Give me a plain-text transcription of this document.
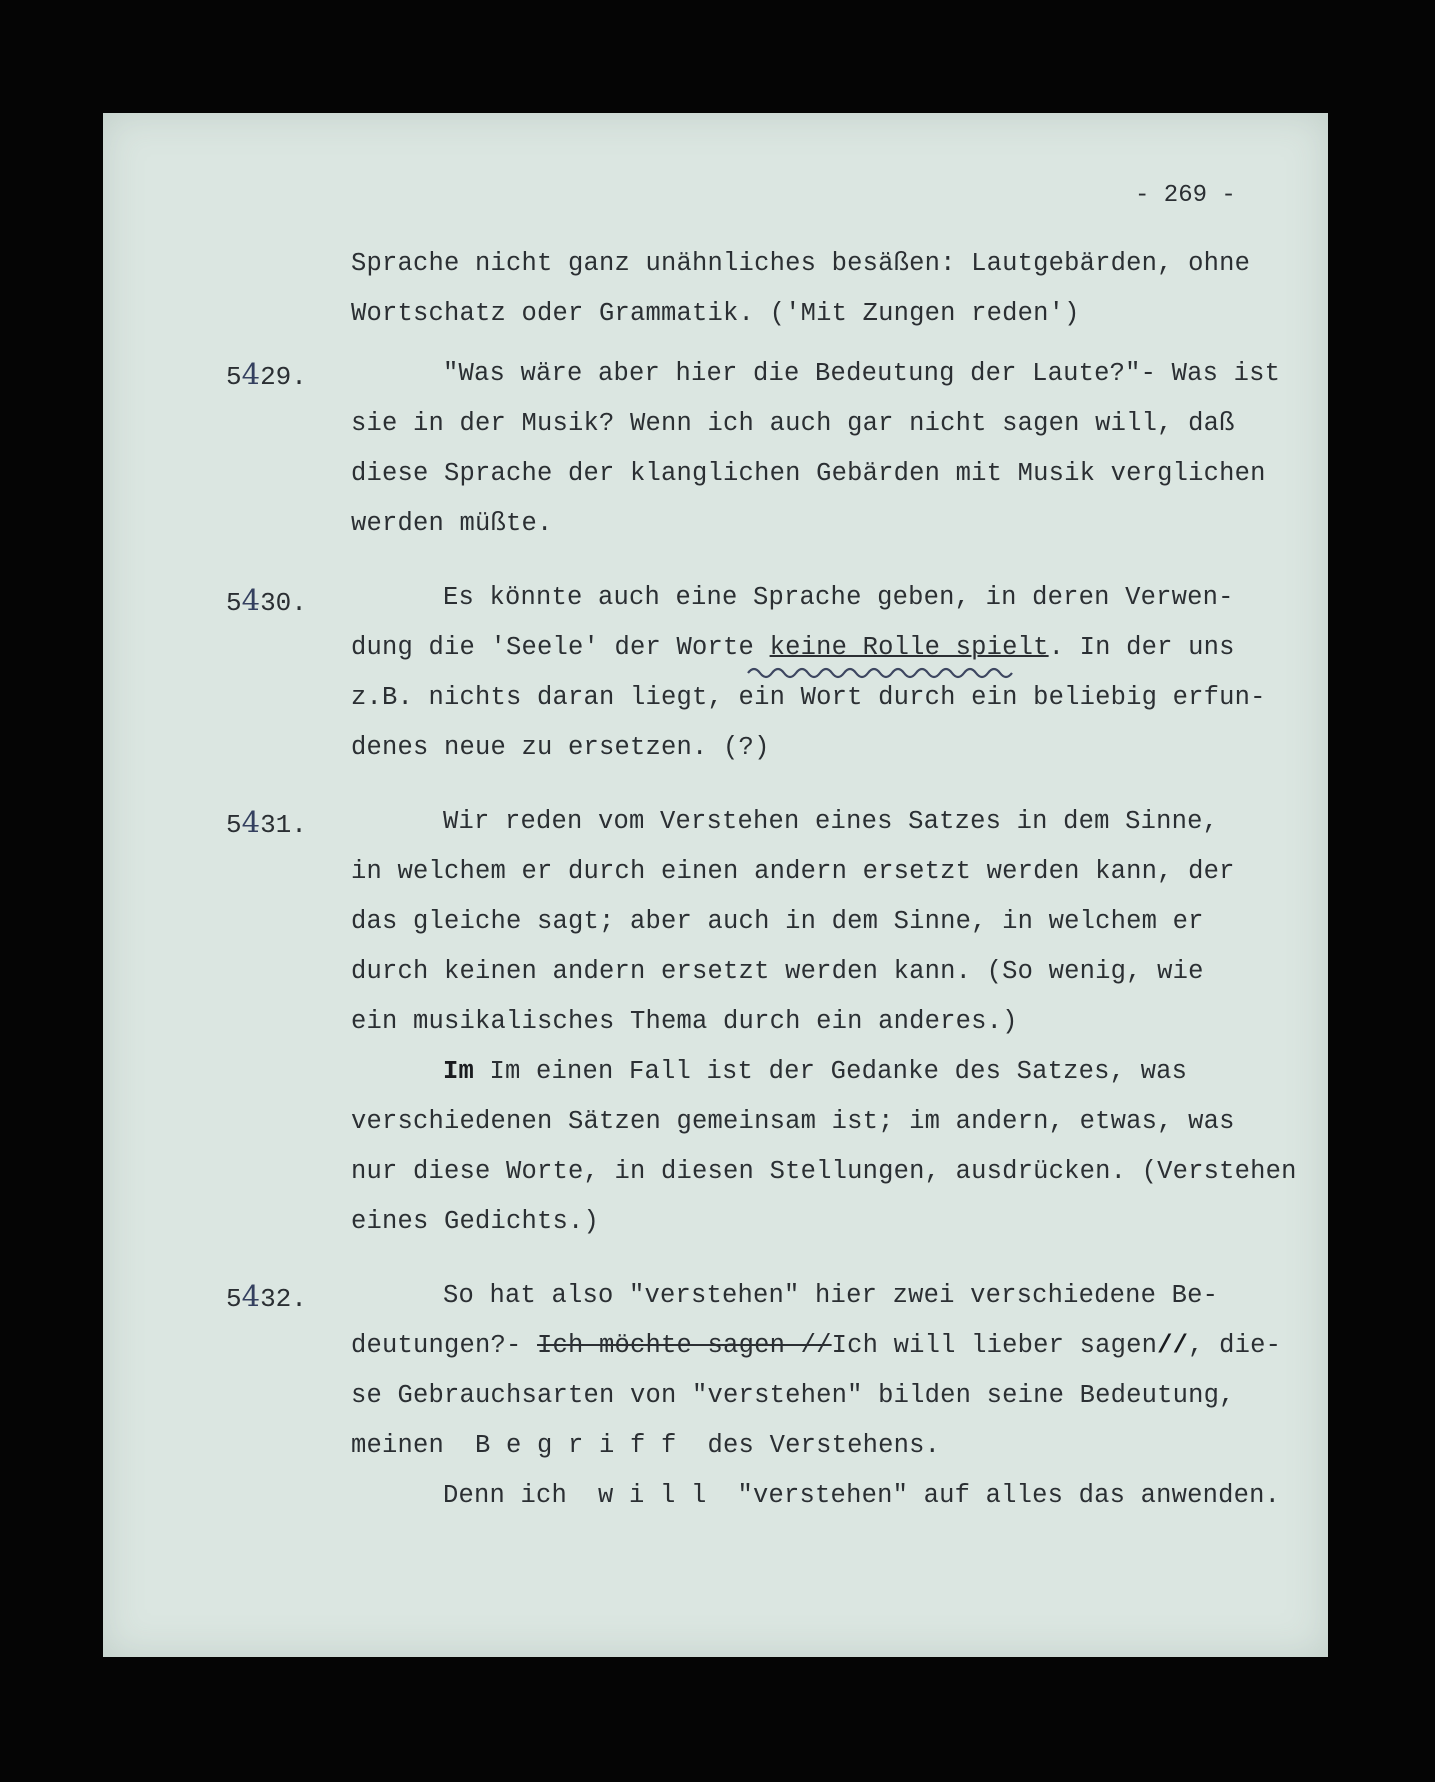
- 269 -
Sprache nicht ganz unähnliches besäßen: Lautgebärden, ohne
Wortschatz oder Grammatik. ('Mit Zungen reden')
5429.	"Was wäre aber hier die Bedeutung der Laute?"- Was ist
sie in der Musik? Wenn ich auch gar nicht sagen will, daß
diese Sprache der klanglichen Gebärden mit Musik verglichen
werden müßte.
5430.	Es könnte auch eine Sprache geben, in deren Verwen-
dung die 'Seele' der Worte keine Rolle spielt. In der uns
z.B. nichts daran liegt, ein Wort durch ein beliebig erfun-
denes neue zu ersetzen. (?)
5431.	Wir reden vom Verstehen eines Satzes in dem Sinne,
in welchem er durch einen andern ersetzt werden kann, der
das gleiche sagt; aber auch in dem Sinne, in welchem er
durch keinen andern ersetzt werden kann. (So wenig, wie
ein musikalisches Thema durch ein anderes.)
Im Im einen Fall ist der Gedanke des Satzes, was
verschiedenen Sätzen gemeinsam ist; im andern, etwas, was
nur diese Worte, in diesen Stellungen, ausdrücken. (Verstehen
eines Gedichts.)
5432.	So hat also "verstehen" hier zwei verschiedene Be-
deutungen?- Ich möchte sagen //Ich will lieber sagen//, die-
se Gebrauchsarten von "verstehen" bilden seine Bedeutung,
meinen  B e g r i f f  des Verstehens.
Denn ich  w i l l  "verstehen" auf alles das anwenden.
